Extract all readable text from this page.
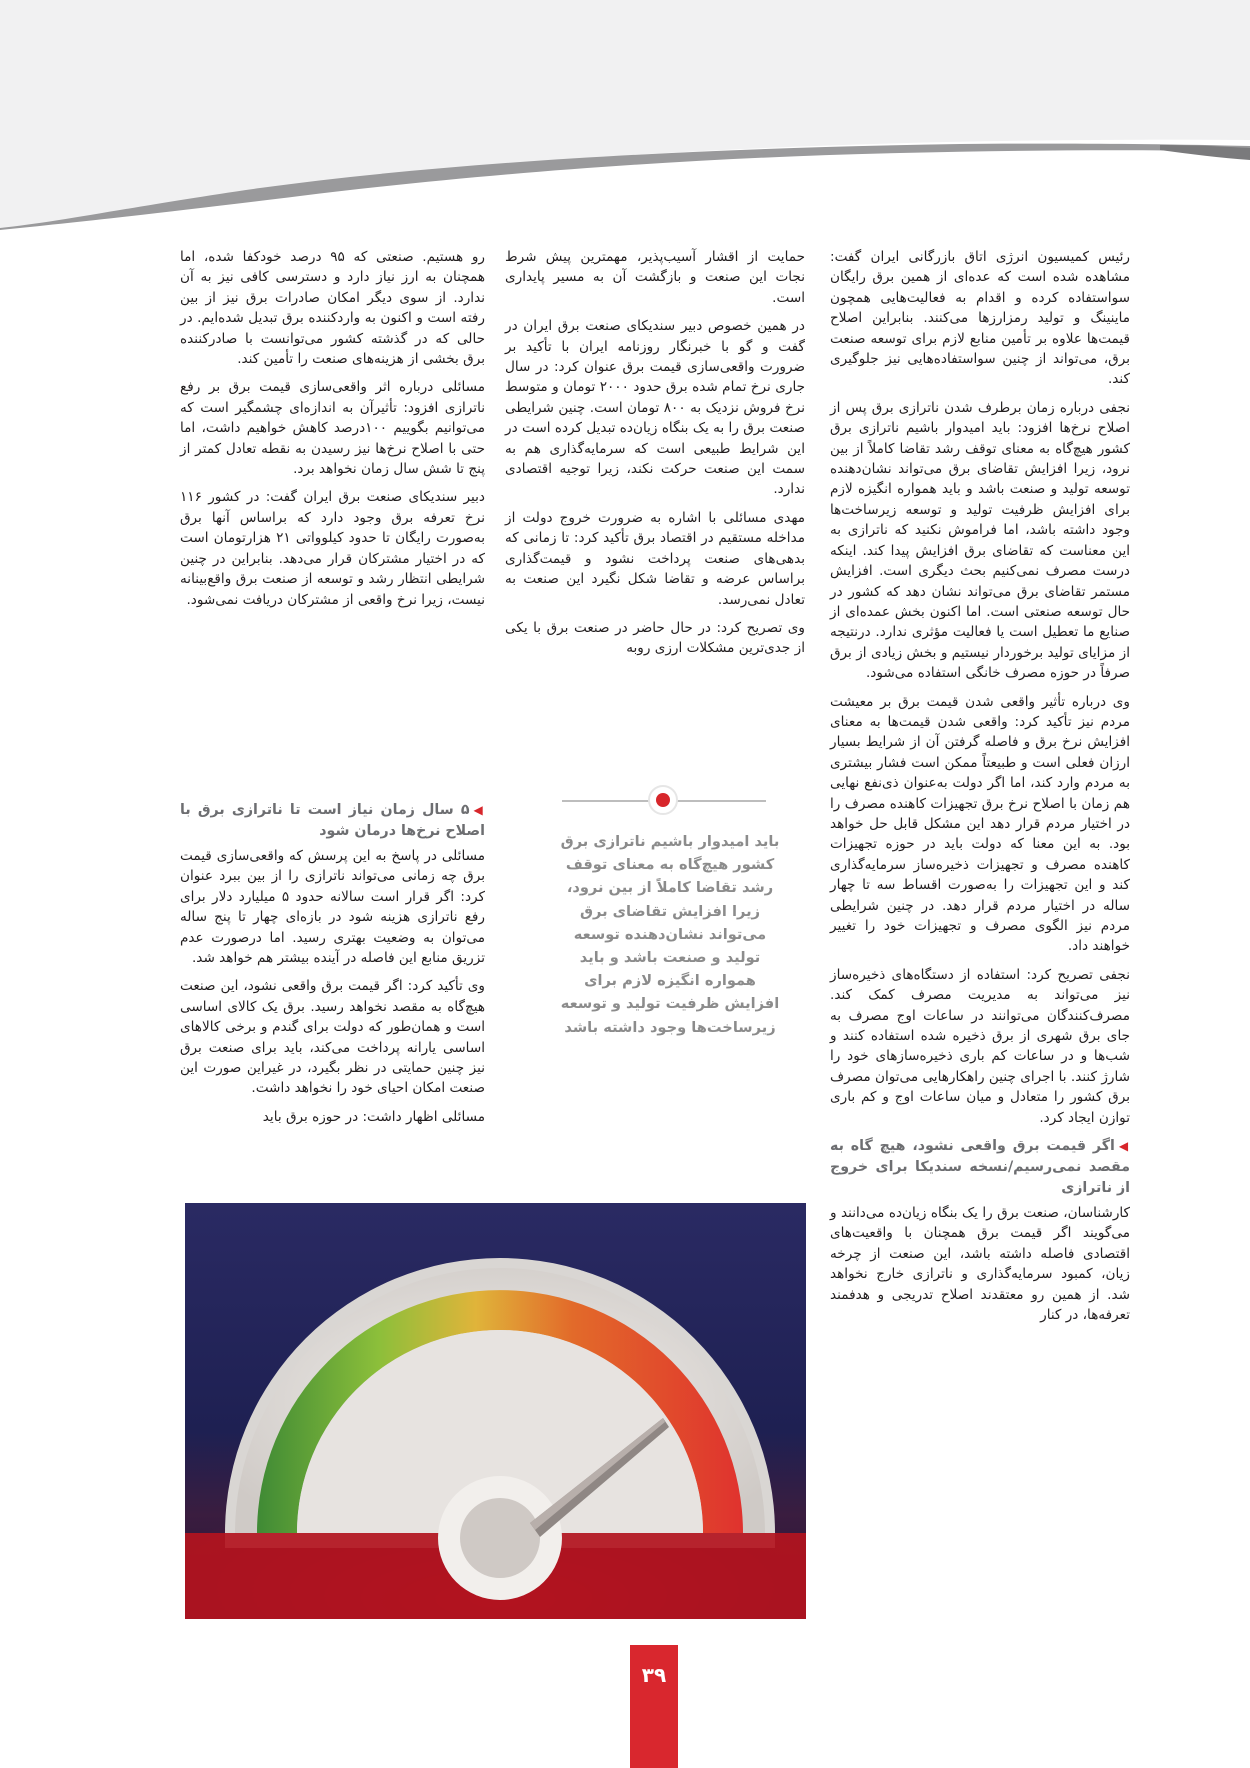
رئیس کمیسیون انرژی اتاق بازرگانی ایران گفت: مشاهده شده است که عده‌ای از همین برق رایگان سواستفاده کرده و اقدام به فعالیت‌هایی همچون ماینینگ و تولید رمزارزها می‌کنند. بنابراین اصلاح قیمت‌ها علاوه بر تأمین منابع لازم برای توسعه صنعت برق، می‌تواند از چنین سواستفاده‌هایی نیز جلوگیری کند.

نجفی درباره زمان برطرف شدن ناترازی برق پس از اصلاح نرخ‌ها افزود: باید امیدوار باشیم ناترازی برق کشور هیچ‌گاه به معنای توقف رشد تقاضا کاملاً از بین نرود، زیرا افزایش تقاضای برق می‌تواند نشان‌دهنده توسعه تولید و صنعت باشد و باید همواره انگیزه لازم برای افزایش ظرفیت تولید و توسعه زیرساخت‌ها وجود داشته باشد، اما فراموش نکنید که ناترازی به این معناست که تقاضای برق افزایش پیدا کند. اینکه درست مصرف نمی‌کنیم بحث دیگری است. افزایش مستمر تقاضای برق می‌تواند نشان دهد که کشور در حال توسعه صنعتی است. اما اکنون بخش عمده‌ای از صنایع ما تعطیل است یا فعالیت مؤثری ندارد. درنتیجه از مزایای تولید برخوردار نیستیم و بخش زیادی از برق صرفاً در حوزه مصرف خانگی استفاده می‌شود.

وی درباره تأثیر واقعی شدن قیمت برق بر معیشت مردم نیز تأکید کرد: واقعی شدن قیمت‌ها به معنای افزایش نرخ برق و فاصله گرفتن آن از شرایط بسیار ارزان فعلی است و طبیعتاً ممکن است فشار بیشتری به مردم وارد کند، اما اگر دولت به‌عنوان ذی‌نفع نهایی هم زمان با اصلاح نرخ برق تجهیزات کاهنده مصرف را در اختیار مردم قرار دهد این مشکل قابل حل خواهد بود. به این معنا که دولت باید در حوزه تجهیزات کاهنده مصرف و تجهیزات ذخیره‌ساز سرمایه‌گذاری کند و این تجهیزات را به‌صورت اقساط سه تا چهار ساله در اختیار مردم قرار دهد. در چنین شرایطی مردم نیز الگوی مصرف و تجهیزات خود را تغییر خواهند داد.

نجفی تصریح کرد: استفاده از دستگاه‌های ذخیره‌ساز نیز می‌تواند به مدیریت مصرف کمک کند. مصرف‌کنندگان می‌توانند در ساعات اوج مصرف به جای برق شهری از برق ذخیره شده استفاده کنند و شب‌ها و در ساعات کم باری ذخیره‌سازهای خود را شارژ کنند. با اجرای چنین راهکارهایی می‌توان مصرف برق کشور را متعادل و میان ساعات اوج و کم باری توازن ایجاد کرد.

◀اگر قیمت برق واقعی نشود، هیچ گاه به مقصد نمی‌رسیم/نسخه سندیکا برای خروج از ناترازی

کارشناسان، صنعت برق را یک بنگاه زیان‌ده می‌دانند و می‌گویند اگر قیمت برق همچنان با واقعیت‌های اقتصادی فاصله داشته باشد، این صنعت از چرخه زیان، کمبود سرمایه‌گذاری و ناترازی خارج نخواهد شد. از همین رو معتقدند اصلاح تدریجی و هدفمند تعرفه‌ها، در کنار

حمایت از اقشار آسیب‌پذیر، مهمترین پیش شرط نجات این صنعت و بازگشت آن به مسیر پایداری است.

در همین خصوص دبیر سندیکای صنعت برق ایران در گفت و گو با خبرنگار روزنامه ایران با تأکید بر ضرورت واقعی‌سازی قیمت برق عنوان کرد: در سال جاری نرخ تمام شده برق حدود ۲۰۰۰ تومان و متوسط نرخ فروش نزدیک به ۸۰۰ تومان است. چنین شرایطی صنعت برق را به یک بنگاه زیان‌ده تبدیل کرده است در این شرایط طبیعی است که سرمایه‌گذاری هم به سمت این صنعت حرکت نکند، زیرا توجیه اقتصادی ندارد.

مهدی مسائلی با اشاره به ضرورت خروج دولت از مداخله مستقیم در اقتصاد برق تأکید کرد: تا زمانی که بدهی‌های صنعت پرداخت نشود و قیمت‌گذاری براساس عرضه و تقاضا شکل نگیرد این صنعت به تعادل نمی‌رسد.

وی تصریح کرد: در حال حاضر در صنعت برق با یکی از جدی‌ترین مشکلات ارزی روبه

رو هستیم. صنعتی که ۹۵ درصد خودکفا شده، اما همچنان به ارز نیاز دارد و دسترسی کافی نیز به آن ندارد. از سوی دیگر امکان صادرات برق نیز از بین رفته است و اکنون به واردکننده برق تبدیل شده‌ایم. در حالی که در گذشته کشور می‌توانست با صادرکننده برق بخشی از هزینه‌های صنعت را تأمین کند.

مسائلی درباره اثر واقعی‌سازی قیمت برق بر رفع ناترازی افزود: تأثیرآن به اندازه‌ای چشمگیر است که می‌توانیم بگوییم ۱۰۰درصد کاهش خواهیم داشت، اما حتی با اصلاح نرخ‌ها نیز رسیدن به نقطه تعادل کمتر از پنج تا شش سال زمان نخواهد برد.

دبیر سندیکای صنعت برق ایران گفت: در کشور ۱۱۶ نرخ تعرفه برق وجود دارد که براساس آنها برق به‌صورت رایگان تا حدود کیلوواتی ۲۱ هزارتومان است که در اختیار مشترکان قرار می‌دهد. بنابراین در چنین شرایطی انتظار رشد و توسعه از صنعت برق واقع‌بینانه نیست، زیرا نرخ واقعی از مشترکان دریافت نمی‌شود.

◀۵ سال زمان نیاز است تا ناترازی برق با اصلاح نرخ‌ها درمان شود

مسائلی در پاسخ به این پرسش که واقعی‌سازی قیمت برق چه زمانی می‌تواند ناترازی را از بین ببرد عنوان کرد: اگر قرار است سالانه حدود ۵ میلیارد دلار برای رفع ناترازی هزینه شود در بازه‌ای چهار تا پنج ساله می‌توان به وضعیت بهتری رسید. اما درصورت عدم تزریق منابع این فاصله در آینده بیشتر هم خواهد شد.

وی تأکید کرد: اگر قیمت برق واقعی نشود، این صنعت هیچ‌گاه به مقصد نخواهد رسید. برق یک کالای اساسی است و همان‌طور که دولت برای گندم و برخی کالاهای اساسی یارانه پرداخت می‌کند، باید برای صنعت برق نیز چنین حمایتی در نظر بگیرد، در غیراین صورت این صنعت امکان احیای خود را نخواهد داشت.

مسائلی اظهار داشت: در حوزه برق باید

باید امیدوار باشیم ناترازی برق کشور هیچ‌گاه به معنای توقف رشد تقاضا کاملاً از بین نرود، زیرا افزایش تقاضای برق می‌تواند نشان‌دهنده توسعه تولید و صنعت باشد و باید همواره انگیزه لازم برای افزایش ظرفیت تولید و توسعه زیرساخت‌ها وجود داشته باشد
۳۹
